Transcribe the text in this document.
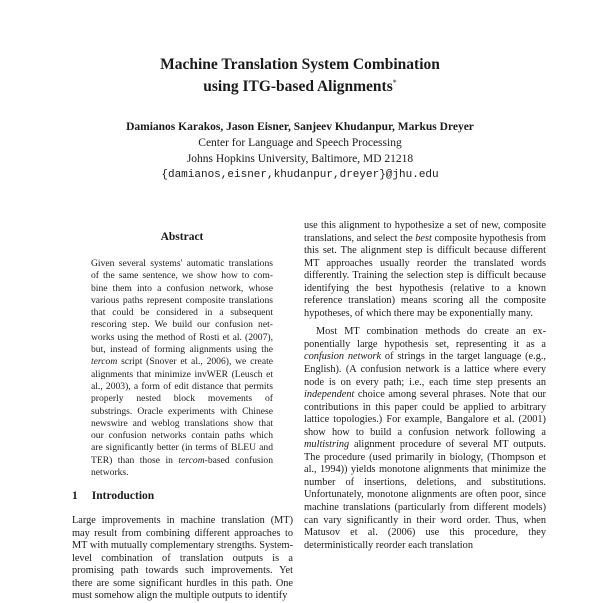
Machine Translation System Combination
using ITG-based Alignments*
Damianos Karakos, Jason Eisner, Sanjeev Khudanpur, Markus Dreyer
Center for Language and Speech Processing
Johns Hopkins University, Baltimore, MD 21218
{damianos,eisner,khudanpur,dreyer}@jhu.edu
Abstract
Given several systems' automatic translations of the same sentence, we show how to combine them into a confusion network, whose various paths represent composite translations that could be considered in a subsequent rescoring step. We build our confusion networks using the method of Rosti et al. (2007), but, instead of forming alignments using the tercom script (Snover et al., 2006), we create alignments that minimize invWER (Leusch et al., 2003), a form of edit distance that permits properly nested block movements of substrings. Oracle experiments with Chinese newswire and weblog translations show that our confusion networks contain paths which are significantly better (in terms of BLEU and TER) than those in tercom-based confusion networks.
1 Introduction
Large improvements in machine translation (MT) may result from combining different approaches to MT with mutually complementary strengths. System-level combination of translation outputs is a promising path towards such improvements. Yet there are some significant hurdles in this path. One must somehow align the multiple outputs to identify

use this alignment to hypothesize a set of new, composite translations, and select the best composite hypothesis from this set. The alignment step is difficult because different MT approaches usually reorder the translated words differently. Training the selection step is difficult because identifying the best hypothesis (relative to a known reference translation) means scoring all the composite hypotheses, of which there may be exponentially many.

Most MT combination methods do create an exponentially large hypothesis set, representing it as a confusion network of strings in the target language (e.g., English). (A confusion network is a lattice where every node is on every path; i.e., each time step presents an independent choice among several phrases. Note that our contributions in this paper could be applied to arbitrary lattice topologies.) For example, Bangalore et al. (2001) show how to build a confusion network following a multistring alignment procedure of several MT outputs. The procedure (used primarily in biology, (Thompson et al., 1994)) yields monotone alignments that minimize the number of insertions, deletions, and substitutions. Unfortunately, monotone alignments are often poor, since machine translations (particularly from different models) can vary significantly in their word order. Thus, when Matusov et al. (2006) use this procedure, they deterministically reorder each translation
